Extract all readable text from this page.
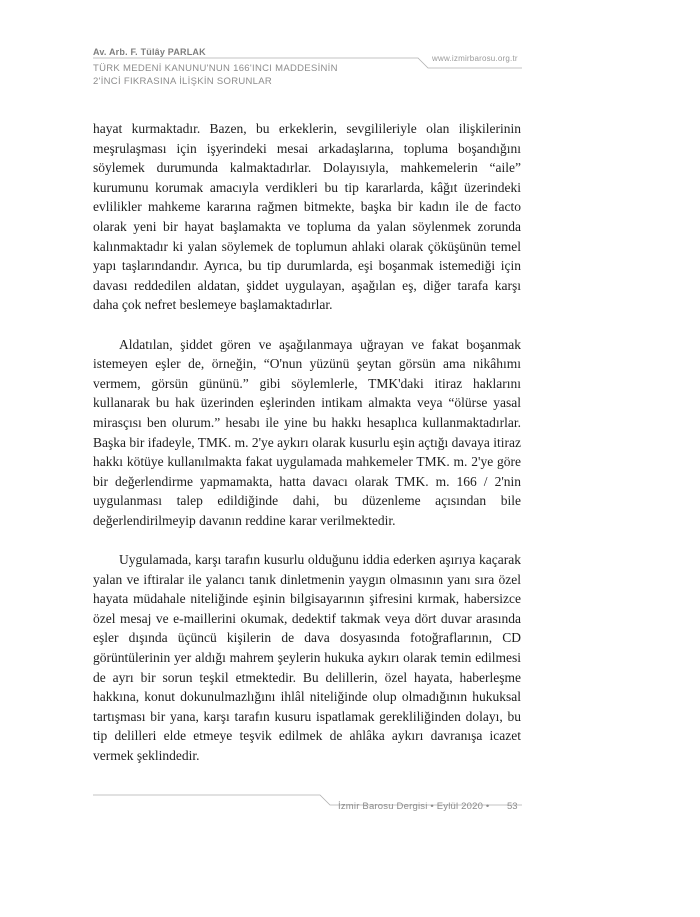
Av. Arb. F. Tülây PARLAK
TÜRK MEDENİ KANUNU'NUN 166'INCI MADDESİNİN
2'İNCİ FIKRASINA İLİŞKİN SORUNLAR
www.izmirbarosu.org.tr

hayat kurmaktadır. Bazen, bu erkeklerin, sevgilileriyle olan ilişkilerinin meşrulaşması için işyerindeki mesai arkadaşlarına, topluma boşandığını söylemek durumunda kalmaktadırlar. Dolayısıyla, mahkemelerin “aile” kurumunu korumak amacıyla verdikleri bu tip kararlarda, kâğıt üzerindeki evlilikler mahkeme kararına rağmen bitmekte, başka bir kadın ile de facto olarak yeni bir hayat başlamakta ve topluma da yalan söylenmek zorunda kalınmaktadır ki yalan söylemek de toplumun ahlaki olarak çöküşünün temel yapı taşlarındandır. Ayrıca, bu tip durumlarda, eşi boşanmak istemediği için davası reddedilen aldatan, şiddet uygulayan, aşağılan eş, diğer tarafa karşı daha çok nefret beslemeye başlamaktadırlar.

Aldatılan, şiddet gören ve aşağılanmaya uğrayan ve fakat boşanmak istemeyen eşler de, örneğin, “O'nun yüzünü şeytan görsün ama nikâhımı vermem, görsün gününü.” gibi söylemlerle, TMK'daki itiraz haklarını kullanarak bu hak üzerinden eşlerinden intikam almakta veya “ölürse yasal mirasçısı ben olurum.” hesabı ile yine bu hakkı hesaplıca kullanmaktadırlar. Başka bir ifadeyle, TMK. m. 2'ye aykırı olarak kusurlu eşin açtığı davaya itiraz hakkı kötüye kullanılmakta fakat uygulamada mahkemeler TMK. m. 2'ye göre bir değerlendirme yapmamakta, hatta davacı olarak TMK. m. 166 / 2'nin uygulanması talep edildiğinde dahi, bu düzenleme açısından bile değerlendirilmeyip davanın reddine karar verilmektedir.

Uygulamada, karşı tarafın kusurlu olduğunu iddia ederken aşırıya kaçarak yalan ve iftiralar ile yalancı tanık dinletmenin yaygın olmasının yanı sıra özel hayata müdahale niteliğinde eşinin bilgisayarının şifresini kırmak, habersizce özel mesaj ve e-maillerini okumak, dedektif takmak veya dört duvar arasında eşler dışında üçüncü kişilerin de dava dosyasında fotoğraflarının, CD görüntülerinin yer aldığı mahrem şeylerin hukuka aykırı olarak temin edilmesi de ayrı bir sorun teşkil etmektedir. Bu delillerin, özel hayata, haberleşme hakkına, konut dokunulmazlığını ihlâl niteliğinde olup olmadığının hukuksal tartışması bir yana, karşı tarafın kusuru ispatlamak gerekliliğinden dolayı, bu tip delilleri elde etmeye teşvik edilmek de ahlâka aykırı davranışa icazet vermek şeklindedir.

İzmir Barosu Dergisi • Eylül 2020 • 53
